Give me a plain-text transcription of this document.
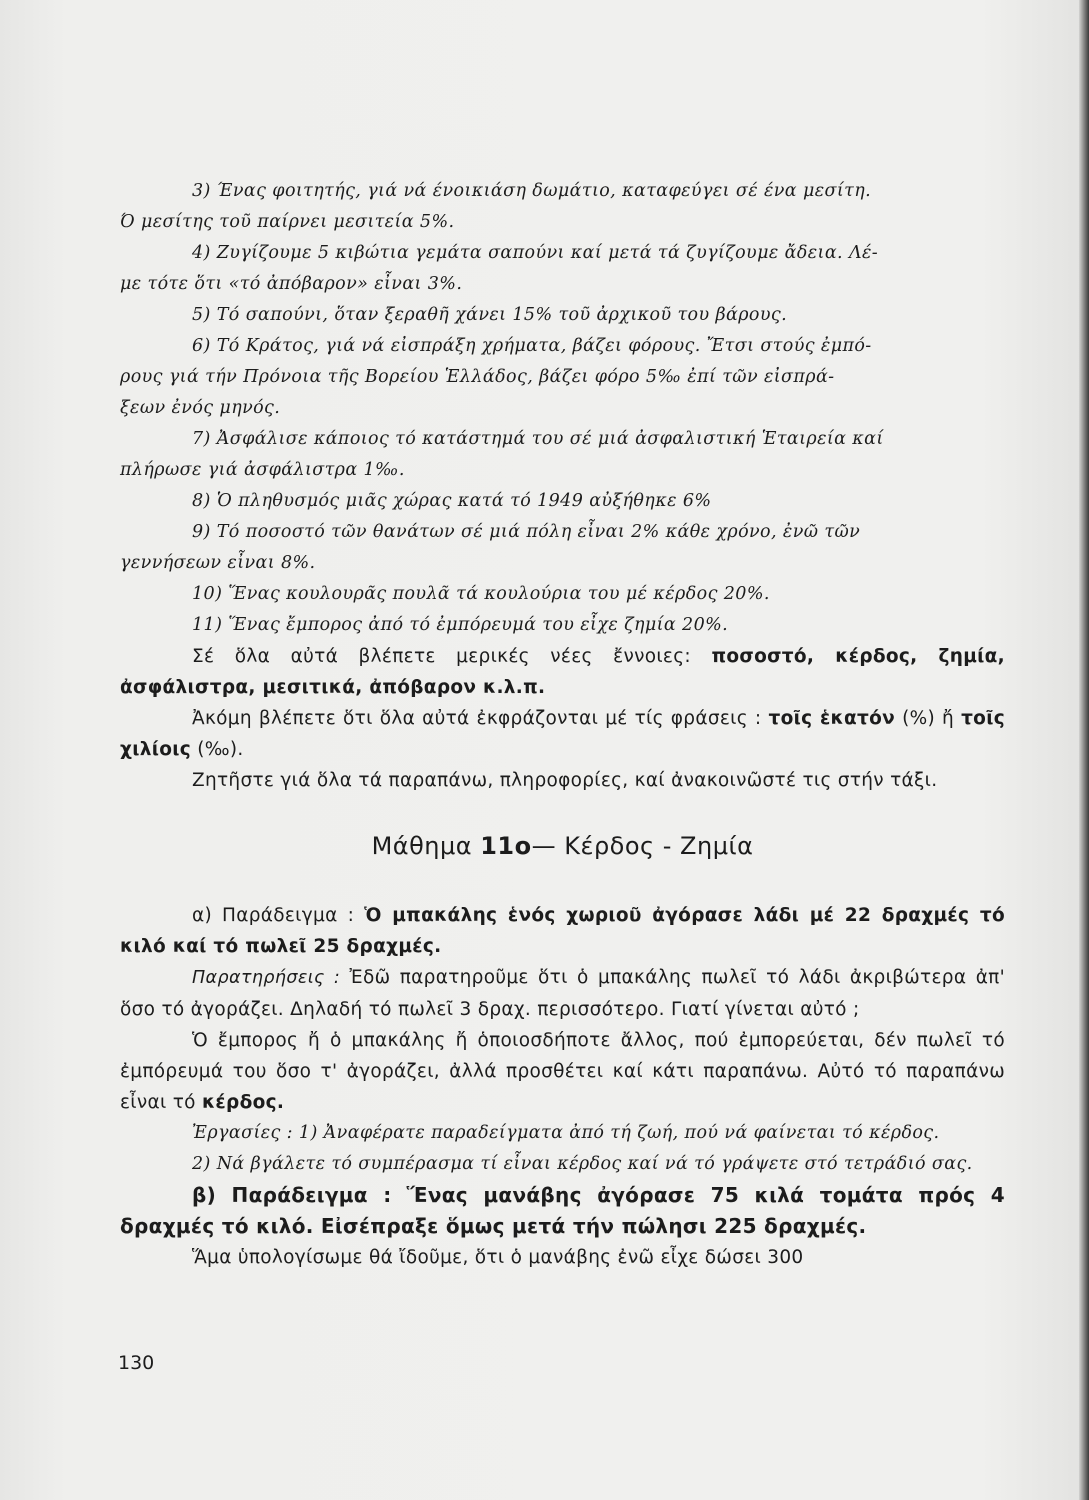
3) Ένας φοιτητής, γιά νά ένοικιάση δωμάτιο, καταφεύγει σέ ένα μεσίτη.

Ό μεσίτης τοῦ παίρνει μεσιτεία 5%.

4) Ζυγίζουμε 5 κιβώτια γεμάτα σαπούνι καί μετά τά ζυγίζουμε ἄδεια. Λέ-

με τότε ὅτι «τό ἀπόβαρον» εἶναι 3%.

5) Τό σαπούνι, ὅταν ξεραθῆ χάνει 15% τοῦ ἀρχικοῦ του βάρους.

6) Τό Κράτος, γιά νά εἰσπράξη χρήματα, βάζει φόρους. Ἔτσι στούς ἐμπό-

ρους γιά τήν Πρόνοια τῆς Βορείου Ἑλλάδος, βάζει φόρο 5‰ ἐπί τῶν εἰσπρά-

ξεων ἐνός μηνός.

7) Ἀσφάλισε κάποιος τό κατάστημά του σέ μιά ἀσφαλιστική Ἑταιρεία καί

πλήρωσε γιά ἀσφάλιστρα 1‰.

8) Ὁ πληθυσμός μιᾶς χώρας κατά τό 1949 αὐξήθηκε 6%

9) Τό ποσοστό τῶν θανάτων σέ μιά πόλη εἶναι 2% κάθε χρόνο, ἐνῶ τῶν

γεννήσεων εἶναι 8%.

10) Ἕνας κουλουρᾶς πουλᾶ τά κουλούρια του μέ κέρδος 20%.

11) Ἕνας ἔμπορος ἀπό τό ἐμπόρευμά του εἶχε ζημία 20%.

Σέ ὅλα αὐτά βλέπετε μερικές νέες ἔννοιες: ποσοστό, κέρδος, ζημία, ἀσφάλιστρα, μεσιτικά, ἀπόβαρον κ.λ.π.

Ἀκόμη βλέπετε ὅτι ὅλα αὐτά ἐκφράζονται μέ τίς φράσεις : τοῖς ἑκατόν (%) ἤ τοῖς χιλίοις (‰).

Ζητῆστε γιά ὅλα τά παραπάνω, πληροφορίες, καί ἀνακοινῶστέ τις στήν τάξι.

Μάθημα 11ο— Κέρδος - Ζημία

α) Παράδειγμα : Ὁ μπακάλης ἑνός χωριοῦ ἀγόρασε λάδι μέ 22 δραχμές τό κιλό καί τό πωλεῖ 25 δραχμές.

Παρατηρήσεις : Ἐδῶ παρατηροῦμε ὅτι ὁ μπακάλης πωλεῖ τό λάδι ἀκριβώτερα ἀπ' ὅσο τό ἀγοράζει. Δηλαδή τό πωλεῖ 3 δραχ. περισσότερο. Γιατί γίνεται αὐτό ;

Ὁ ἔμπορος ἤ ὁ μπακάλης ἤ ὁποιοσδήποτε ἄλλος, πού ἐμπορεύεται, δέν πωλεῖ τό ἐμπόρευμά του ὅσο τ' ἀγοράζει, ἀλλά προσθέτει καί κάτι παραπάνω. Αὐτό τό παραπάνω εἶναι τό κέρδος.

Ἐργασίες : 1) Ἀναφέρατε παραδείγματα ἀπό τή ζωή, πού νά φαίνεται τό κέρδος.

2) Νά βγάλετε τό συμπέρασμα τί εἶναι κέρδος καί νά τό γράψετε στό τετράδιό σας.

β) Παράδειγμα : Ἕνας μανάβης ἀγόρασε 75 κιλά τομάτα πρός 4 δραχμές τό κιλό. Εἰσέπραξε ὅμως μετά τήν πώλησι 225 δραχμές.

Ἅμα ὑπολογίσωμε θά ἴδοῦμε, ὅτι ὁ μανάβης ἐνῶ εἶχε δώσει 300

130
